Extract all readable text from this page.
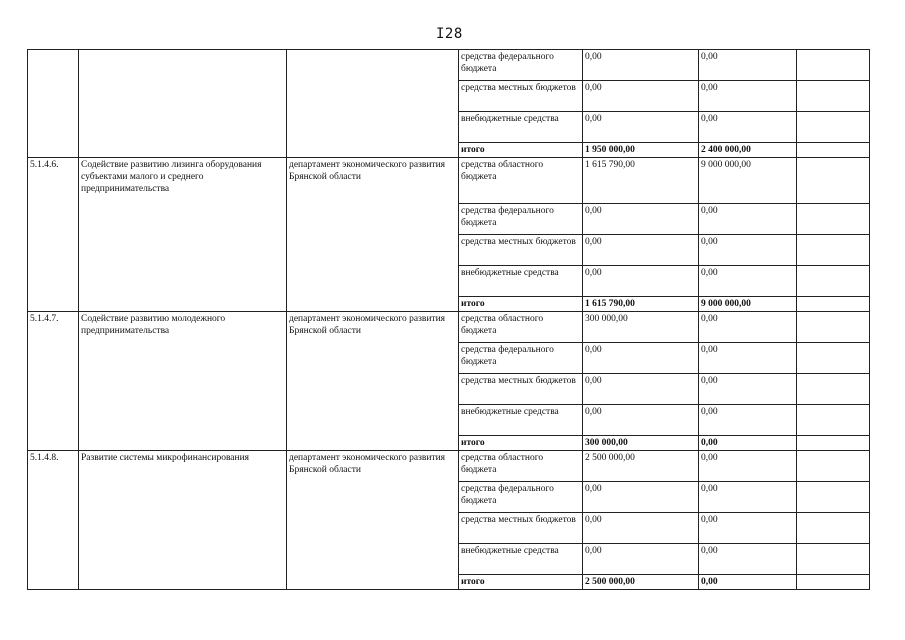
I28
			средства федерального бюджета	0,00	0,00	
			средства местных бюджетов	0,00	0,00	
			внебюджетные средства	0,00	0,00	
			итого	1 950 000,00	2 400 000,00	
5.1.4.6.	Содействие развитию лизинга оборудования субъектами малого и среднего предпринимательства	департамент экономического развития Брянской области	средства областного бюджета	1 615 790,00	9 000 000,00	
			средства федерального бюджета	0,00	0,00	
			средства местных бюджетов	0,00	0,00	
			внебюджетные средства	0,00	0,00	
			итого	1 615 790,00	9 000 000,00	
5.1.4.7.	Содействие развитию молодежного предпринимательства	департамент экономического развития Брянской области	средства областного бюджета	300 000,00	0,00	
			средства федерального бюджета	0,00	0,00	
			средства местных бюджетов	0,00	0,00	
			внебюджетные средства	0,00	0,00	
			итого	300 000,00	0,00	
5.1.4.8.	Развитие системы микрофинансирования	департамент экономического развития Брянской области	средства областного бюджета	2 500 000,00	0,00	
			средства федерального бюджета	0,00	0,00	
			средства местных бюджетов	0,00	0,00	
			внебюджетные средства	0,00	0,00	
			итого	2 500 000,00	0,00	
